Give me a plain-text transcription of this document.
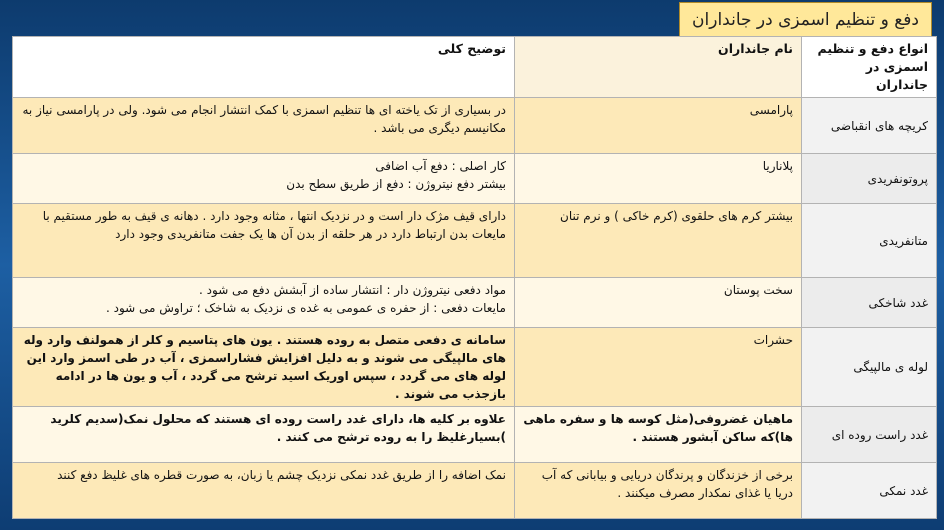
دفع و تنظیم اسمزی در جانداران
انواع دفع و تنظیم اسمزی در جانداران	نام جانداران	توضیح کلی
کریچه های انقباضی	پارامسی	در بسیاری از تک یاخته ای ها تنظیم اسمزی با کمک انتشار انجام می شود. ولی در پارامسی نیاز به مکانیسم دیگری می باشد .

پروتونفریدی	پلاناریا	کار اصلی : دفع آب اضافی
بیشتر دفع نیتروژن : دفع از طریق سطح بدن

متانفریدی	بیشتر کرم های حلقوی (کرم خاکی ) و نرم تنان	دارای قیف مژک دار است و در نزدیک انتها ، مثانه وجود دارد . دهانه ی قیف به طور مستقیم با مایعات بدن ارتباط دارد در هر حلقه از بدن آن ها یک جفت متانفریدی وجود دارد

غدد شاخکی	سخت پوستان	مواد دفعی نیتروژن دار : انتشار ساده از آبشش دفع می شود .
مایعات دفعی : از حفره ی عمومی به غده ی نزدیک به شاخک ؛ تراوش می شود .

لوله ی مالپیگی	حشرات	سامانه ی دفعی متصل به روده هستند . یون های پتاسیم و کلر از همولنف وارد وله های مالپیگی می شوند و به دلیل افزایش فشاراسمزی ، آب در طی اسمز وارد این لوله های می گردد ، سپس اوریک اسید ترشح می گردد ، آب و یون ها در ادامه بازجذب می شوند .

غدد راست روده ای	ماهیان غضروفی(مثل کوسه ها و سفره ماهی ها)که ساکن آبشور هستند .	علاوه بر کلیه ها، دارای غدد راست روده ای هستند که محلول نمک(سدیم کلرید )بسیارغلیظ را به روده ترشح می کنند .

غدد نمکی	برخی از خزندگان و پرندگان دریایی و بیابانی که آب دریا یا غذای نمکدار مصرف میکنند .	نمک اضافه را از طریق غدد نمکی نزدیک چشم یا زبان، به صورت قطره های غلیظ دفع کنند
